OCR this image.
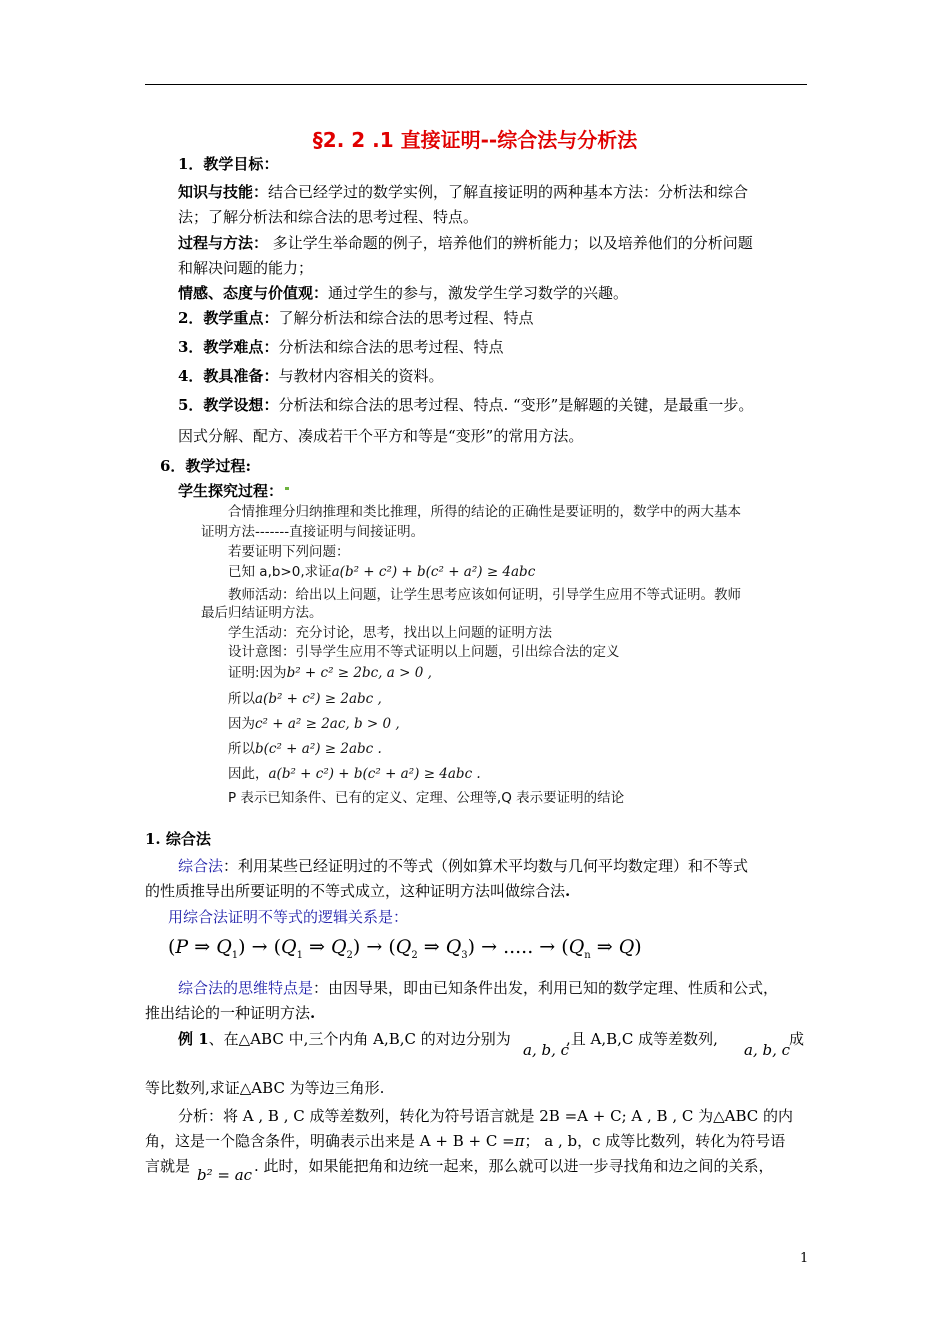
§2. 2 .1 直接证明--综合法与分析法
1．教学目标：
知识与技能：结合已经学过的数学实例，了解直接证明的两种基本方法：分析法和综合
法；了解分析法和综合法的思考过程、特点。
过程与方法： 多让学生举命题的例子，培养他们的辨析能力；以及培养他们的分析问题
和解决问题的能力；
情感、态度与价值观：通过学生的参与，激发学生学习数学的兴趣。
2．教学重点：了解分析法和综合法的思考过程、特点
3．教学难点：分析法和综合法的思考过程、特点
4．教具准备：与教材内容相关的资料。
5．教学设想：分析法和综合法的思考过程、特点. “变形”是解题的关键，是最重一步。
因式分解、配方、凑成若干个平方和等是“变形”的常用方法。
6．教学过程:
学生探究过程：
合情推理分归纳推理和类比推理，所得的结论的正确性是要证明的，数学中的两大基本
证明方法-------直接证明与间接证明。
若要证明下列问题：
已知 a,b>0,求证a(b² + c²) + b(c² + a²) ≥ 4abc
教师活动：给出以上问题，让学生思考应该如何证明，引导学生应用不等式证明。教师
最后归结证明方法。
学生活动：充分讨论，思考，找出以上问题的证明方法
设计意图：引导学生应用不等式证明以上问题，引出综合法的定义
证明:因为b² + c² ≥ 2bc, a > 0 ,
所以a(b² + c²) ≥ 2abc ,
因为c² + a² ≥ 2ac, b > 0 ,
所以b(c² + a²) ≥ 2abc .
因此，a(b² + c²) + b(c² + a²) ≥ 4abc .
P 表示已知条件、已有的定义、定理、公理等,Q 表示要证明的结论
1. 综合法
综合法：利用某些已经证明过的不等式（例如算术平均数与几何平均数定理）和不等式
的性质推导出所要证明的不等式成立，这种证明方法叫做综合法.
用综合法证明不等式的逻辑关系是：
(P ⇒ $Q_1) \to (Q_1$ ⇒ $Q_2) \to (Q_2$ ⇒ $Q_3$) → ..... → ($Q_n$ ⇒ Q)
综合法的思维特点是：由因导果，即由已知条件出发，利用已知的数学定理、性质和公式，
推出结论的一种证明方法.
例 1、在△ABC 中,三个内角 A,B,C 的对边分别为
a, b, c
,且 A,B,C 成等差数列,
a, b, c
成
等比数列,求证△ABC 为等边三角形.
分析：将 A , B , C 成等差数列，转化为符号语言就是 2B =A + C; A , B , C 为△ABC 的内
角，这是一个隐含条件，明确表示出来是 A + B + C =π； a , b，c 成等比数列，转化为符号语
言就是 b² = ac . 此时，如果能把角和边统一起来，那么就可以进一步寻找角和边之间的关系，
1
